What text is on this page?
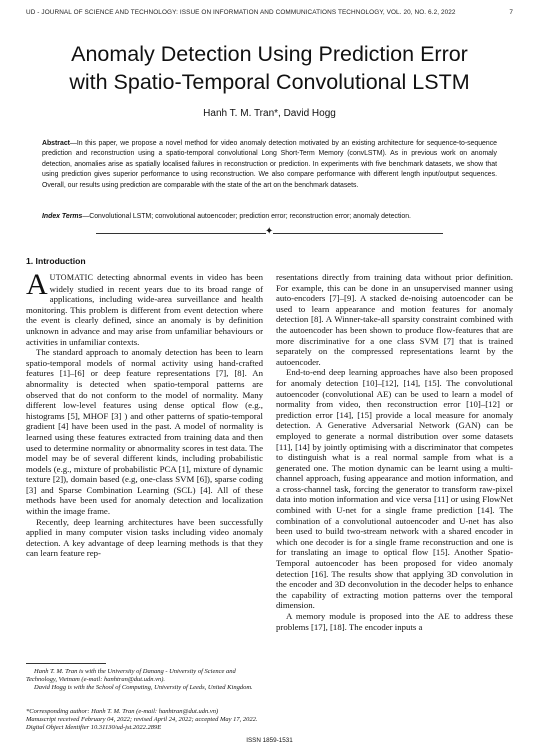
UD - JOURNAL OF SCIENCE AND TECHNOLOGY: ISSUE ON INFORMATION AND COMMUNICATIONS TECHNOLOGY, VOL. 20, NO. 6.2, 2022	7
Anomaly Detection Using Prediction Error
with Spatio-Temporal Convolutional LSTM
Hanh T. M. Tran*, David Hogg
Abstract—In this paper, we propose a novel method for video anomaly detection motivated by an existing architecture for sequence-to-sequence prediction and reconstruction using a spatio-temporal convolutional Long Short-Term Memory (convLSTM). As in previous work on anomaly detection, anomalies arise as spatially localised failures in reconstruction or prediction. In experiments with five benchmark datasets, we show that using prediction gives superior performance to using reconstruction. We also compare performance with different length input/output sequences. Overall, our results using prediction are comparable with the state of the art on the benchmark datasets.
Index Terms—Convolutional LSTM; convolutional autoencoder; prediction error; reconstruction error; anomaly detection.
✦
1. Introduction

AUTOMATIC detecting abnormal events in video has been widely studied in recent years due to its broad range of applications, including wide-area surveillance and health monitoring. This problem is different from event detection where the event is clearly defined, since an anomaly is by definition unknown in advance and may arise from unfamiliar behaviours or activities in unfamiliar contexts.

The standard approach to anomaly detection has been to learn spatio-temporal models of normal activity using hand-crafted features [1]–[6] or deep feature representations [7], [8]. An abnormality is detected when spatio-temporal patterns are observed that do not conform to the model of normality. Many different low-level features using dense optical flow (e.g., histograms [5], MHOF [3] ) and other patterns of spatio-temporal gradient [4] have been used in the past. A model of normality is learned using these features extracted from training data and then used to determine normality or abnormality scores in test data. The model may be of several different kinds, including probabilistic models (e.g., mixture of probabilistic PCA [1], mixture of dynamic texture [2]), domain based (e.g, one-class SVM [6]), sparse coding [3] and Sparse Combination Learning (SCL) [4]. All of these methods have been used for anomaly detection and localization within the image frame.

Recently, deep learning architectures have been successfully applied in many computer vision tasks including video anomaly detection. A key advantage of deep learning methods is that they can learn feature rep-

resentations directly from training data without prior definition. For example, this can be done in an unsupervised manner using auto-encoders [7]–[9]. A stacked de-noising autoencoder can be used to learn appearance and motion features for anomaly detection [8]. A Winner-take-all sparsity constraint combined with the autoencoder has been shown to produce flow-features that are more discriminative for a one class SVM [7] that is trained separately on the compressed representations learnt by the autoencoder.

End-to-end deep learning approaches have also been proposed for anomaly detection [10]–[12], [14], [15]. The convolutional autoencoder (convolutional AE) can be used to learn a model of normality from video, then reconstruction error [10]–[12] or prediction error [14], [15] provide a local measure for anomaly detection. A Generative Adversarial Network (GAN) can be employed to generate a normal distribution over some datasets [11], [14] by jointly optimising with a discriminator that competes to distinguish what is a real normal sample from what is a generated one. The motion dynamic can be learnt using a multi-channel approach, fusing appearance and motion information, and a cross-channel task, forcing the generator to transform raw-pixel data into motion information and vice versa [11] or using FlowNet combined with U-net for a single frame prediction [14]. The combination of a convolutional autoencoder and U-net has also been used to build two-stream network with a shared encoder in which one decoder is for a single frame reconstruction and one is for translating an image to optical flow [15]. Another Spatio-Temporal autoencoder has been proposed for video anomaly detection [16]. The results show that applying 3D convolution in the encoder and 3D deconvolution in the decoder helps to enhance the capability of extracting motion patterns over the temporal dimension.

A memory module is proposed into the AE to address these problems [17], [18]. The encoder inputs a

Hanh T. M. Tran is with the University of Danang - University of Science and Technology, Vietnam (e-mail: hanhtran@dut.udn.vn).
David Hogg is with the School of Computing, University of Leeds, United Kingdom.
*Corresponding author: Hanh T. M. Tran (e-mail: hanhtran@dut.udn.vn)
Manuscript received February 04, 2022; revised April 24, 2022; accepted May 17, 2022.
Digital Object Identifier 10.31130/ud-jst.2022.289E
ISSN 1859-1531
